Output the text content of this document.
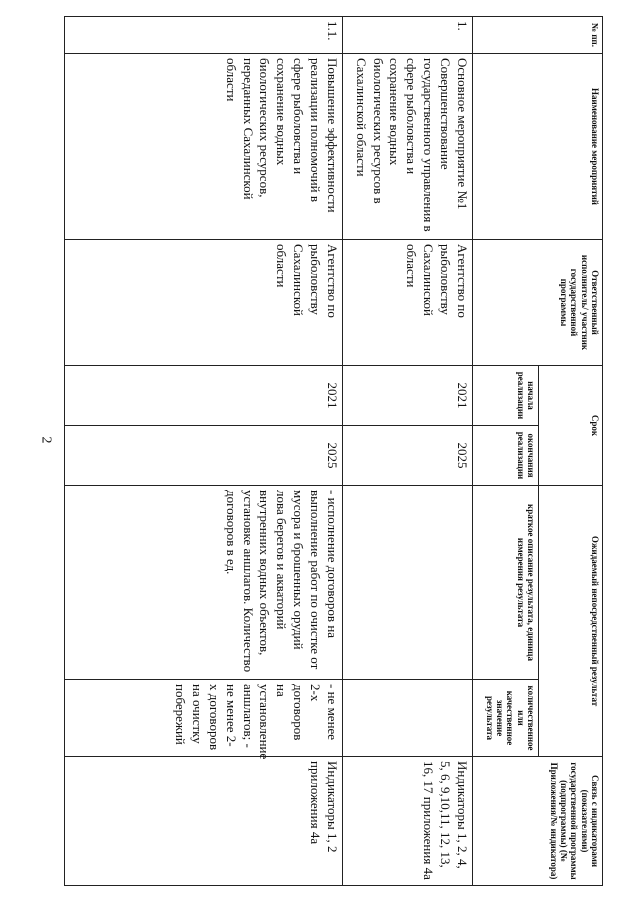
2
№ пп.	Наименование мероприятий	Ответственный исполнитель/ участник государственной программы	Срок		Ожидаемый непосредственный результат		Связь с индикаторами (показателями) государственной программы (подпрограммы) (№ Приложения/№ индикатора)
			начала реализации	окончания реализации	краткое описание результата, единица измерения результата	количественное или качественное значение результата	
1.	Основное мероприятие №1 Совершенствование государственного управления в сфере рыболовства и сохранение водных биологических ресурсов в Сахалинской области	Агентство по рыболовству Сахалинской области	2021	2025			Индикаторы 1, 2, 4, 5, 6, 9,10,11, 12, 13, 16, 17 приложения 4а
1.1.	Повышение эффективности реализации полномочий в сфере рыболовства и сохранение водных биологических ресурсов, переданных Сахалинской области	Агентство по рыболовству Сахалинской области	2021	2025	- исполнение договоров на выполнение работ по очистке от мусора и брошенных орудий лова берегов и акваторий внутренних водных объектов, установке аншлагов. Количество договоров в ед.	- не менее 2-х договоров на установление аншлагов; - не менее 2-х договоров на очистку побережий	Индикаторы 1, 2 приложения 4а
